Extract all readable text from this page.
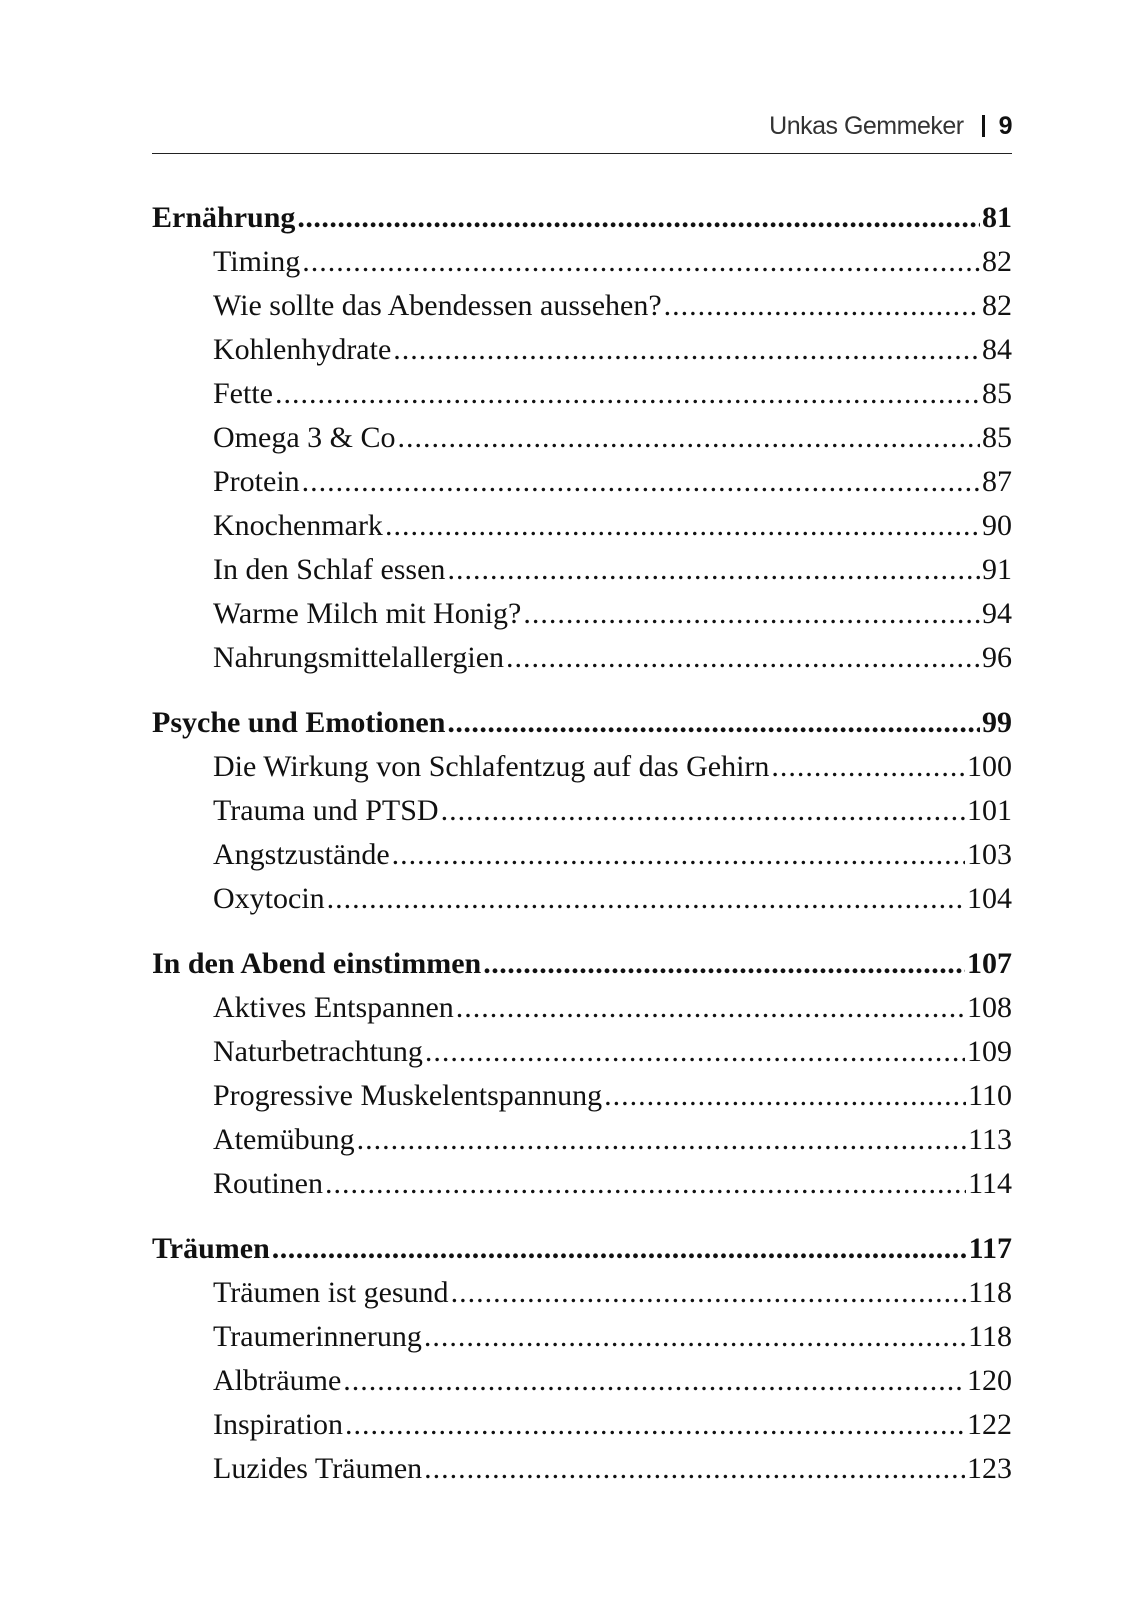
Unkas Gemmeker 9
Ernährung .....	81
Timing .....	82
Wie sollte das Abendessen aussehen? .....	82
Kohlenhydrate .....	84
Fette .....	85
Omega 3 & Co .....	85
Protein .....	87
Knochenmark .....	90
In den Schlaf essen .....	91
Warme Milch mit Honig? .....	94
Nahrungsmittelallergien .....	96
Psyche und Emotionen .....	99
Die Wirkung von Schlafentzug auf das Gehirn .....	100
Trauma und PTSD .....	101
Angstzustände .....	103
Oxytocin .....	104
In den Abend einstimmen .....	107
Aktives Entspannen .....	108
Naturbetrachtung .....	109
Progressive Muskelentspannung .....	110
Atemübung .....	113
Routinen .....	114
Träumen .....	117
Träumen ist gesund .....	118
Traumerinnerung .....	118
Albträume .....	120
Inspiration .....	122
Luzides Träumen .....	123
